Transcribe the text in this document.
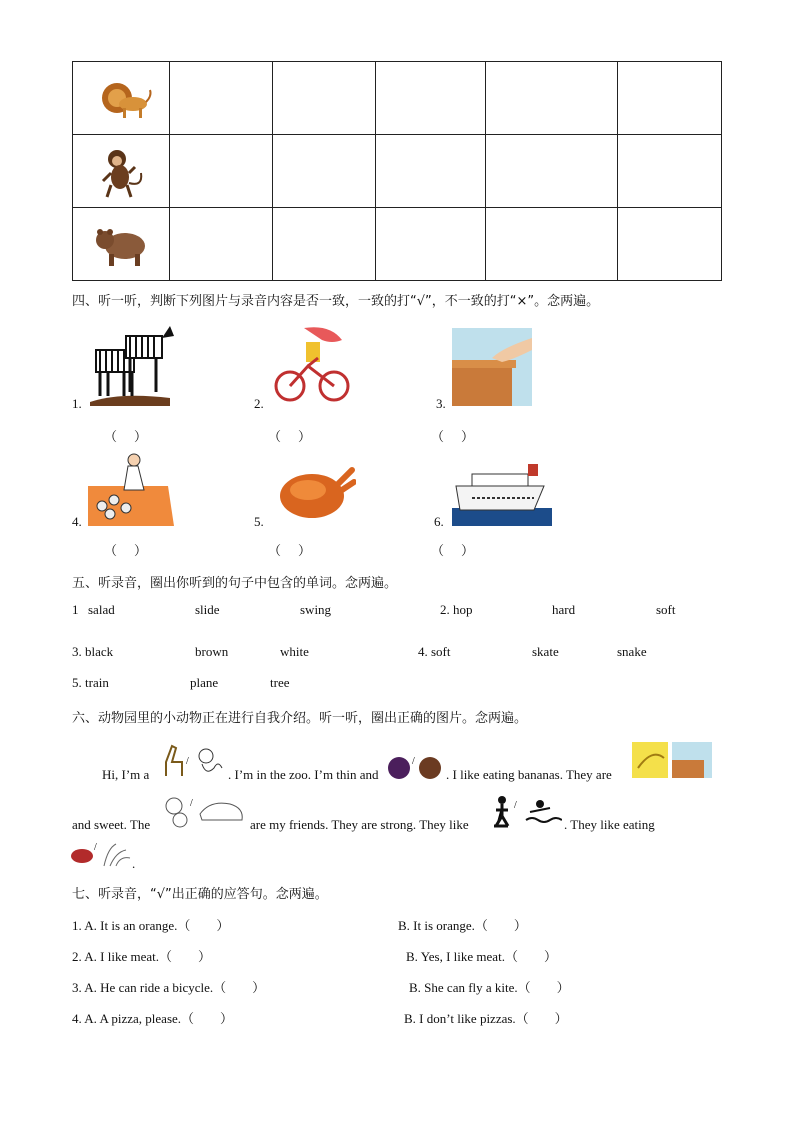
四、听一听，判断下列图片与录音内容是否一致，一致的打“√”，不一致的打“×”。念两遍。
1.
（　）
2.
（　）
3.
（　）
4.
（　）
5.
（　）
6.
（　）
五、听录音，圈出你听到的句子中包含的单词。念两遍。
1 salad	slide	swing	2. hop	hard	soft
3. black	brown	white	4. soft	skate	snake
5. train	plane	tree
六、动物园里的小动物正在进行自我介绍。听一听，圈出正确的图片。念两遍。
Hi, I’m a
/
. I’m in the zoo. I’m thin and
/
. I like eating bananas. They are
and sweet. The
/
are my friends. They are strong. They like
/
. They like eating
/
.
七、听录音，“√”出正确的应答句。念两遍。
1. A. It is an orange.（　　）	B. It is orange.（　　）
2. A. I like meat.（　　）	B. Yes, I like meat.（　　）
3. A. He can ride a bicycle.（　　）	B. She can fly a kite.（　　）
4. A. A pizza, please.（　　）	B. I don’t like pizzas.（　　）
